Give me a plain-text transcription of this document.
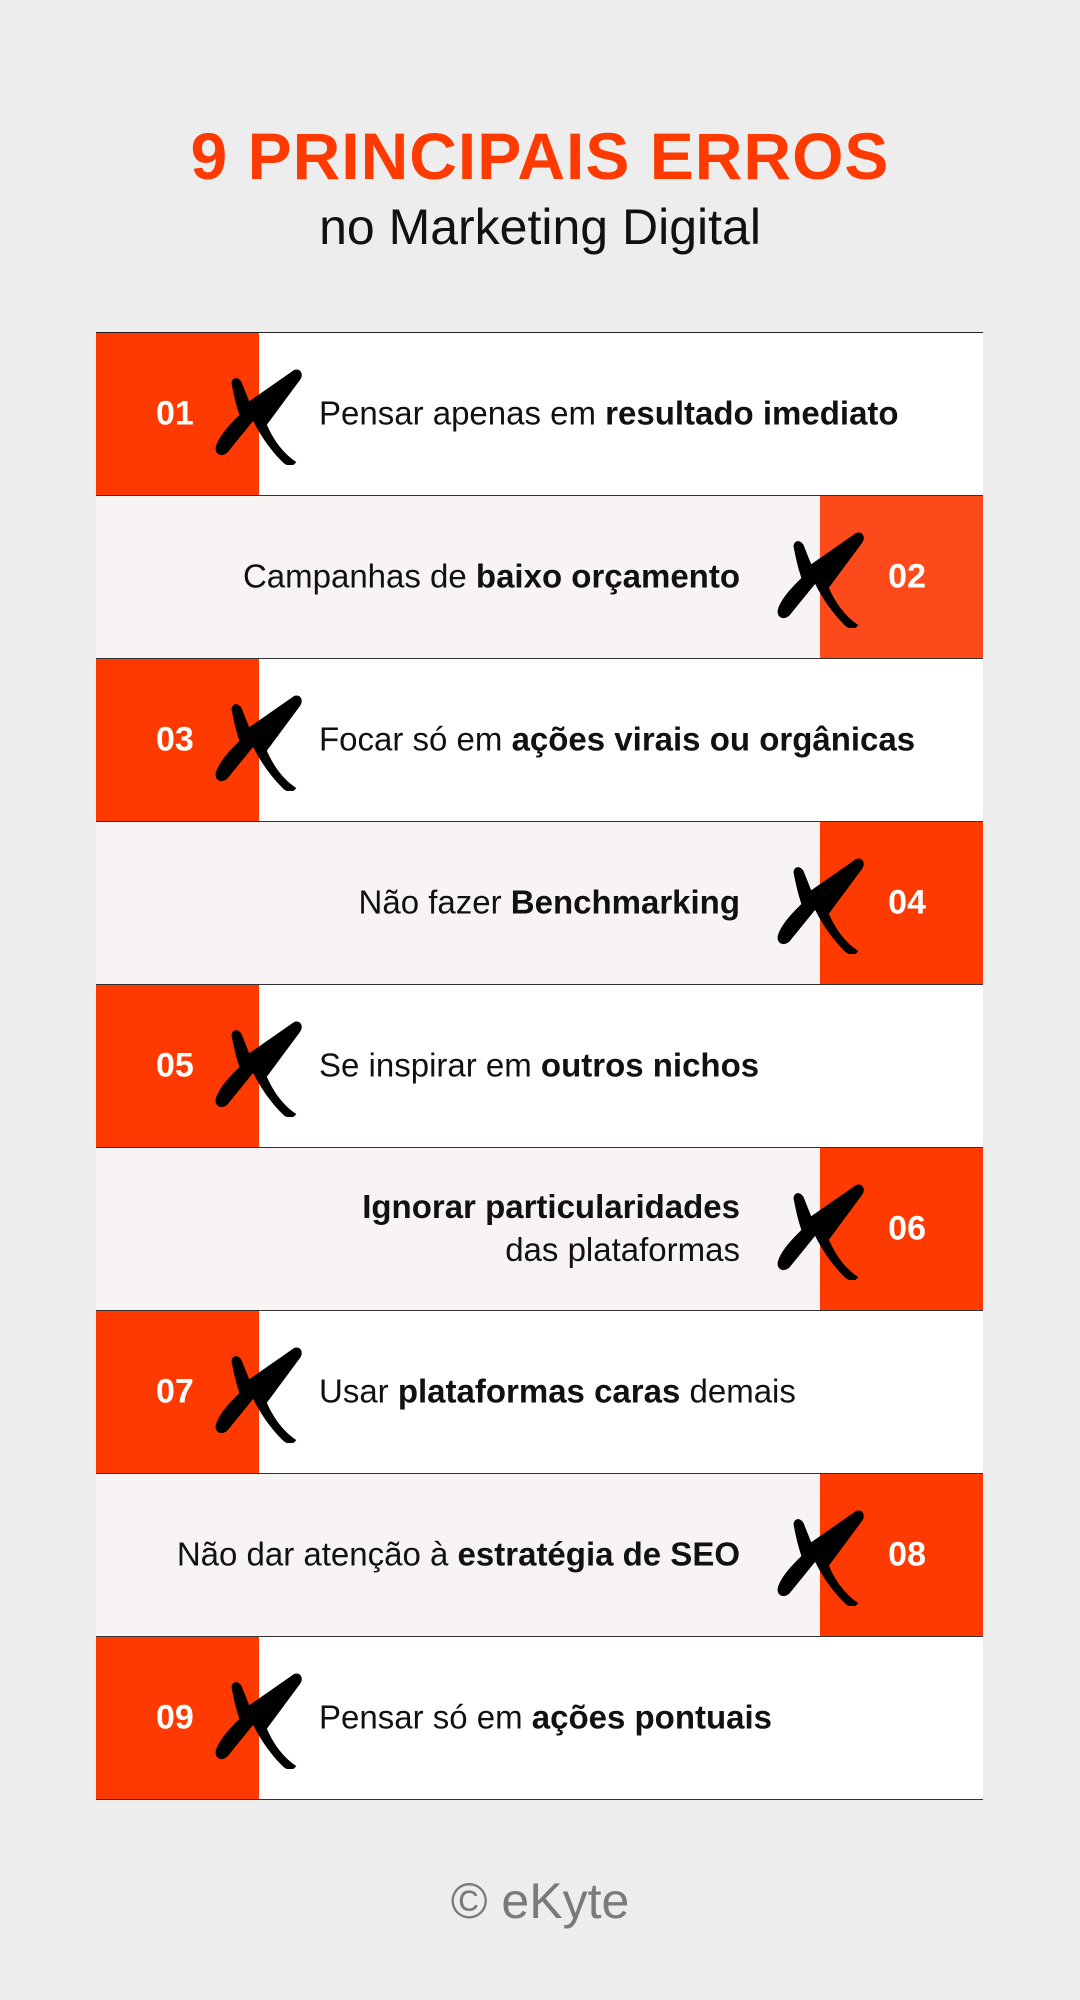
9 PRINCIPAIS ERROS
no Marketing Digital
01	Pensar apenas em resultado imediato
02
Campanhas de baixo orçamento
03	Focar só em ações virais ou orgânicas
04
Não fazer Benchmarking
05	Se inspirar em outros nichos
06
Ignorar particularidades
das plataformas
07	Usar plataformas caras demais
08
Não dar atenção à estratégia de SEO
09	Pensar só em ações pontuais
© eKyte
